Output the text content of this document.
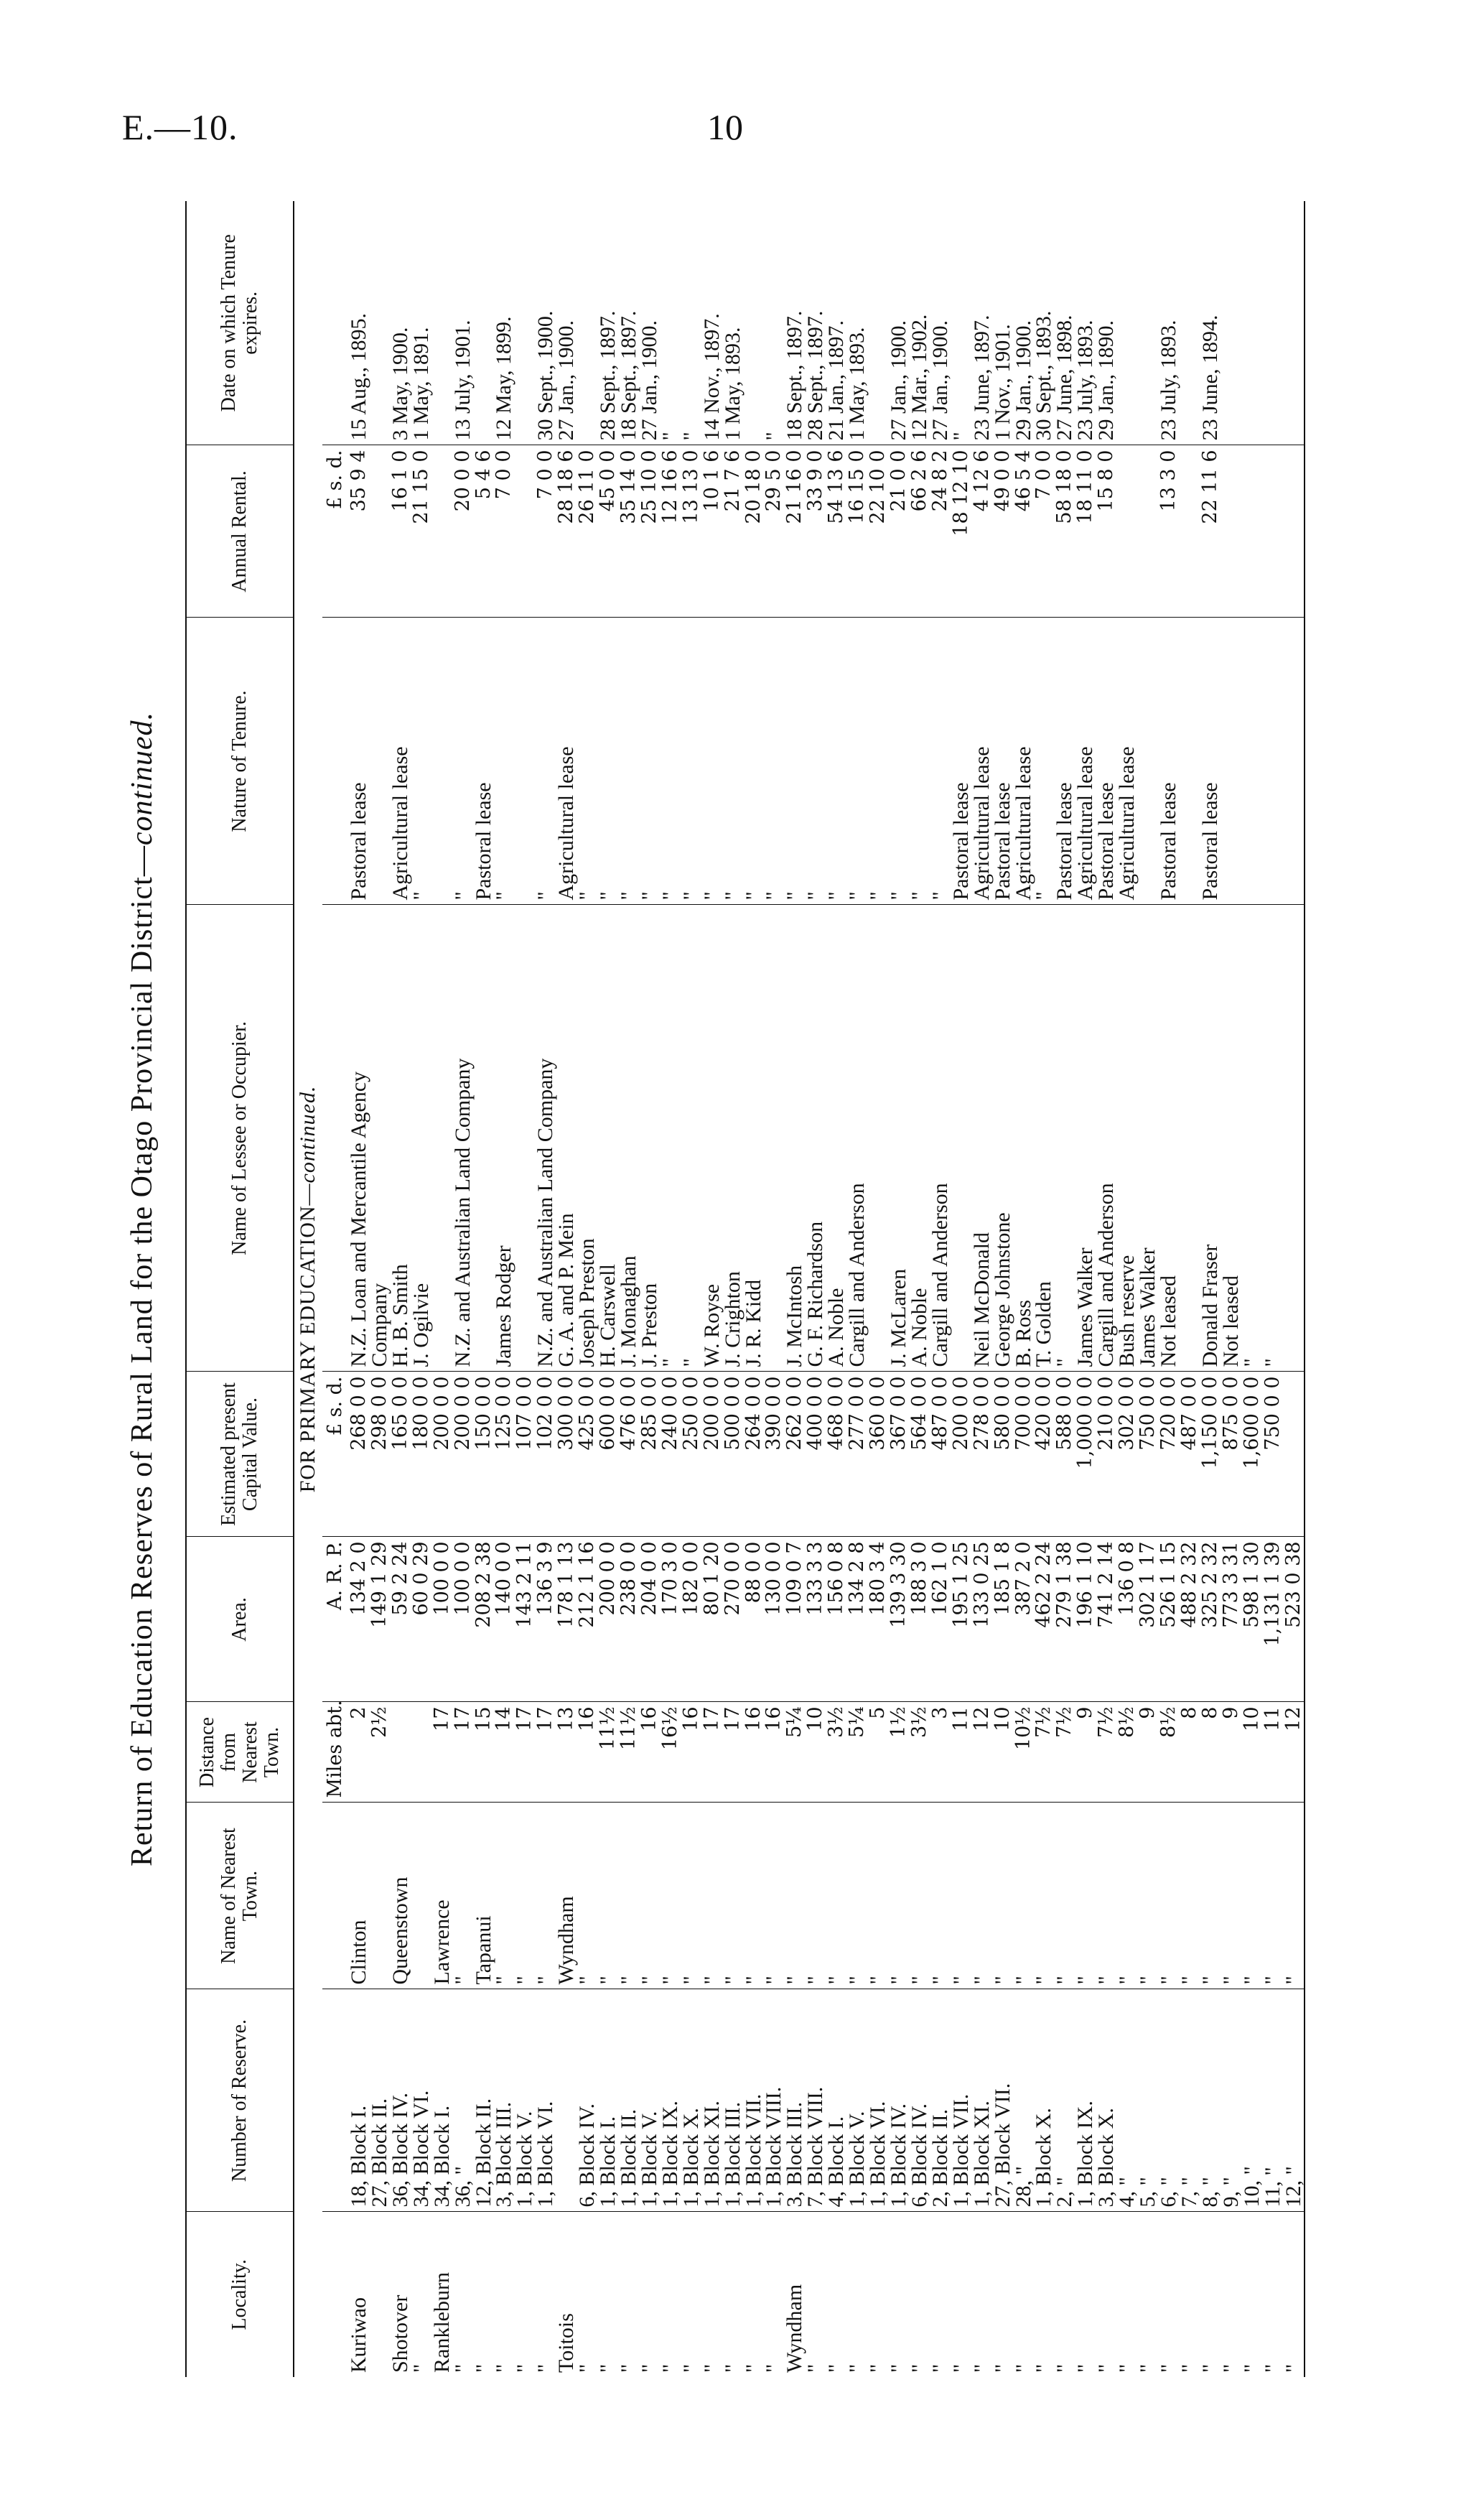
E.—10.	10
Return of Education Reserves of Rural Land for the Otago Provincial District—continued.
Locality.	Number of Reserve.	Name of Nearest Town.	Distance from Nearest Town.	Area.	Estimated present Capital Value.	Name of Lessee or Occupier.	Nature of Tenure.	Annual Rental.	Date on which Tenure expires.
FOR PRIMARY EDUCATION—continued.									
			Miles abt.	A. R. P.	£ s. d.			£ s. d.	
Kuriwao	18, Block I.	Clinton	2	134 2 0	268 0 0	N.Z. Loan and Mercantile Agency	Pastoral lease	35 9 4	15 Aug., 1895.
	27, Block II.		2½	149 1 29	298 0 0	Company			
Shotover	36, Block IV.	Queenstown		59 2 24	165 0 0	H. B. Smith	Agricultural lease	16 1 0	3 May, 1900.
"	34, Block VI.			60 0 29	180 0 0	J. Ogilvie	"	21 15 0	1 May, 1891.
Rankleburn	34, Block I.	Lawrence	17	100 0 0	200 0 0				
"	36, "	"	17	100 0 0	200 0 0	N.Z. and Australian Land Company	"	20 0 0	13 July, 1901.
"	12, Block II.	Tapanui	15	208 2 38	150 0 0		Pastoral lease	5 4 6	
"	3, Block III.	"	14	140 0 0	125 0 0	James Rodger	"	7 0 0	12 May, 1899.
"	1, Block V.	"	17	143 2 11	107 0 0				
"	1, Block VI.	"	17	136 3 9	102 0 0	N.Z. and Australian Land Company	"	7 0 0	30 Sept., 1900.
Toitois		Wyndham	13	178 1 13	300 0 0	G. A. and P. Mein	Agricultural lease	28 18 6	27 Jan., 1900.
"	6, Block IV.	"	16	212 1 16	425 0 0	Joseph Preston	"	26 11 0	
"	1, Block I.	"	11½	200 0 0	600 0 0	H. Carswell	"	45 0 0	28 Sept., 1897.
"	1, Block II.	"	11½	238 0 0	476 0 0	J. Monaghan	"	35 14 0	18 Sept., 1897.
"	1, Block V.	"	16	204 0 0	285 0 0	J. Preston	"	25 10 0	27 Jan., 1900.
"	1, Block IX.	"	16½	170 3 0	240 0 0	"	"	12 16 6	"
"	1, Block X.	"	16	182 0 0	250 0 0	"	"	13 13 0	"
"	1, Block XI.	"	17	80 1 20	200 0 0	W. Royse	"	10 1 6	14 Nov., 1897.
"	1, Block III.	"	17	270 0 0	500 0 0	J. Crighton	"	21 7 6	1 May, 1893.
"	1, Block VII.	"	16	88 0 0	264 0 0	J. R. Kidd	"	20 18 0	
"	1, Block VIII.	"	16	130 0 0	390 0 0		"	29 5 0	"
Wyndham	3, Block III.	"	5¼	109 0 7	262 0 0	J. McIntosh	"	21 16 0	18 Sept., 1897.
"	7, Block VIII.	"	10	133 3 3	400 0 0	G. F. Richardson	"	33 9 0	28 Sept., 1897.
"	4, Block I.	"	3½	156 0 8	468 0 0	A. Noble	"	54 13 6	21 Jan., 1897.
"	1, Block V.	"	5¼	134 2 8	277 0 0	Cargill and Anderson	"	16 15 0	1 May, 1893.
"	1, Block VI.	"	5	180 3 4	360 0 0		"	22 10 0	
"	1, Block IV.	"	1½	139 3 30	367 0 0	J. McLaren	"	21 0 0	27 Jan., 1900.
"	6, Block IV.	"	3½	188 3 0	564 0 0	A. Noble	"	66 2 6	12 Mar., 1902.
"	2, Block II.	"	3	162 1 0	487 0 0	Cargill and Anderson	"	24 8 2	27 Jan., 1900.
"	1, Block VII.	"	11	195 1 25	200 0 0		Pastoral lease	18 12 10	"
"	1, Block XI.	"	12	133 0 25	278 0 0	Neil McDonald	Agricultural lease	4 12 6	23 June, 1897.
"	27, Block VII.	"	10	185 1 8	580 0 0	George Johnstone	Pastoral lease	49 0 0	1 Nov., 1901.
"	28, "	"	10½	387 2 0	700 0 0	B. Ross	Agricultural lease	46 5 4	29 Jan., 1900.
"	1, Block X.	"	7½	462 2 24	420 0 0	T. Golden	"	7 0 0	30 Sept., 1893.
"	2, "	"	7½	279 1 38	588 0 0	"	Pastoral lease	58 18 0	27 June, 1898.
"	1, Block IX.	"	9	196 1 10	1,000 0 0	James Walker	Agricultural lease	18 11 0	23 July, 1893.
"	3, Block X.	"	7½	741 2 14	210 0 0	Cargill and Anderson	Pastoral lease	15 8 0	29 Jan., 1890.
"	4, "	"	8½	136 0 8	302 0 0	Bush reserve	Agricultural lease		
"	5, "	"	9	302 1 17	750 0 0	James Walker			
"	6, "	"	8½	526 1 15	720 0 0	Not leased	Pastoral lease	13 3 0	23 July, 1893.
"	7, "	"	8	488 2 32	487 0 0				
"	8, "	"	8	325 2 32	1,150 0 0	Donald Fraser	Pastoral lease	22 11 6	23 June, 1894.
"	9, "	"	9	773 3 31	875 0 0	Not leased			
"	10, "	"	10	598 1 30	1,600 0 0	"			
"	11, "	"	11	1,131 1 39	750 0 0	"			
"	12, "	"	12	523 0 38					
